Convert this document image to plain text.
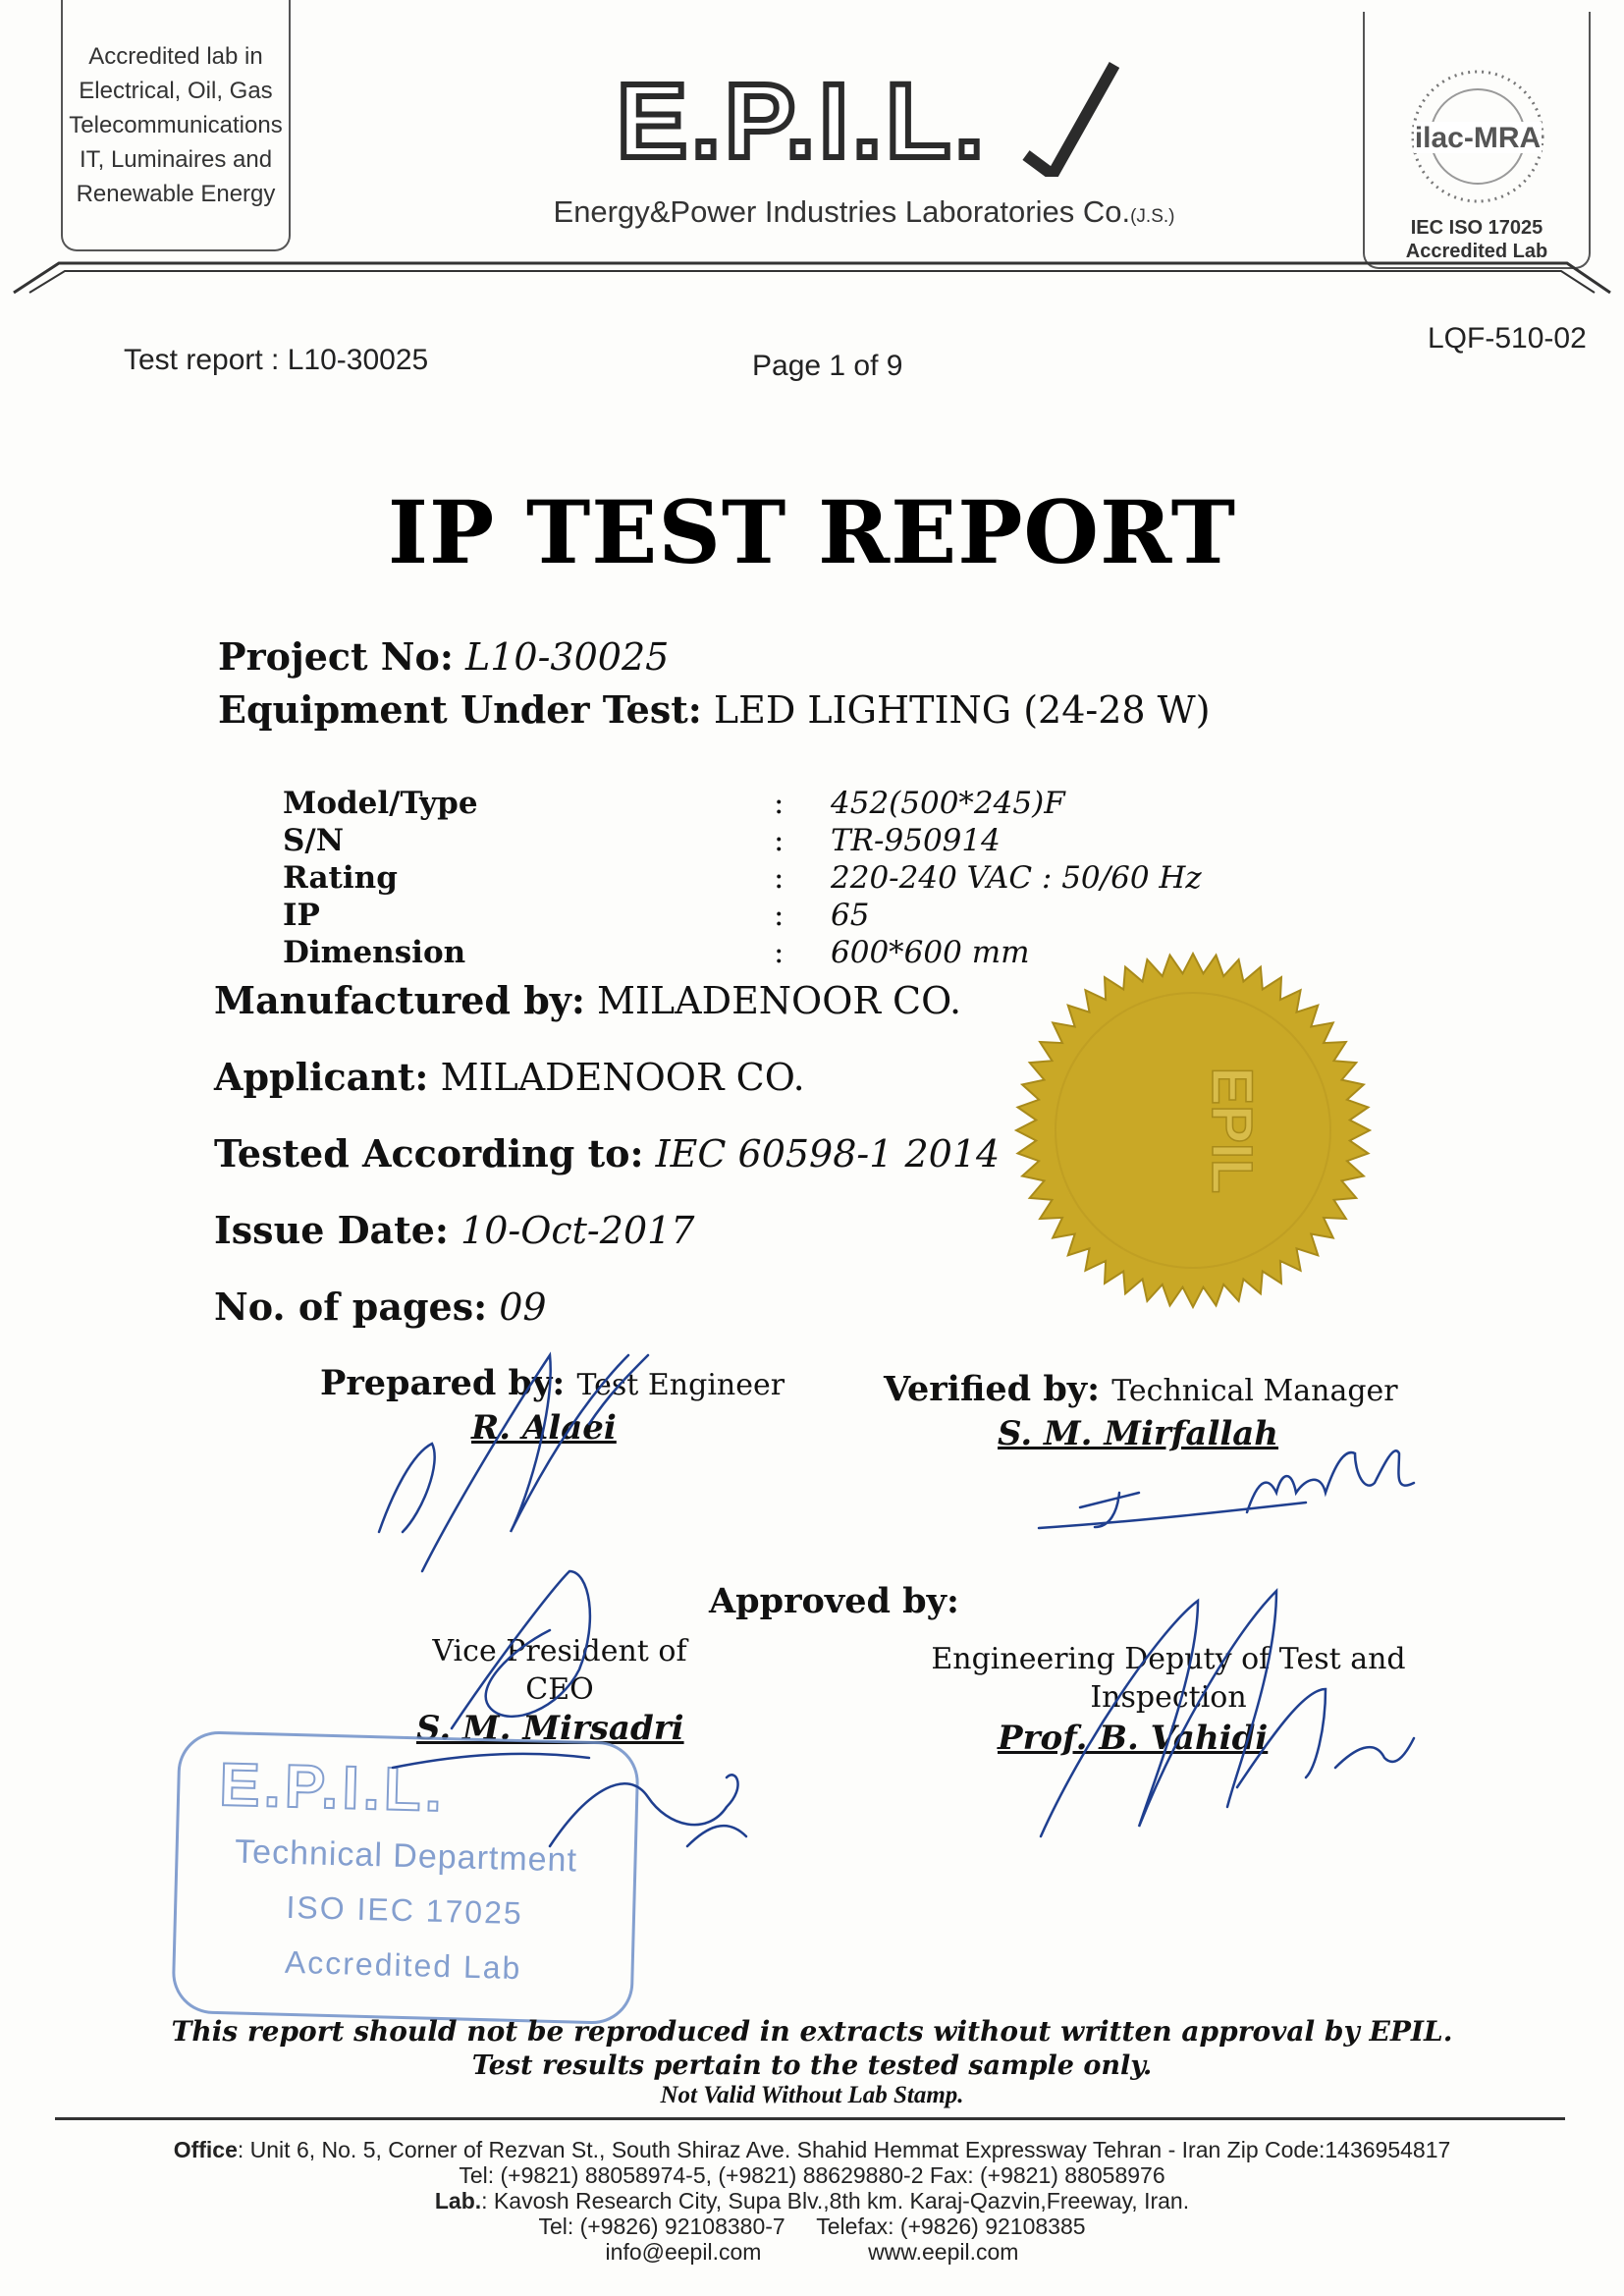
Accredited lab in
Electrical, Oil, Gas
Telecommunications
IT, Luminaires and
Renewable Energy
E.P.I.L.
Energy&Power Industries Laboratories Co.(J.S.)
ilac-MRA
IEC ISO 17025
Accredited Lab
Test report : L10-30025	Page 1 of 9
LQF-510-02
IP TEST REPORT
Project No: L10-30025
Equipment Under Test: LED LIGHTING (24-28 W)
Model/Type	: 452(500*245)F
S/N	: TR-950914
Rating	: 220-240 VAC : 50/60 Hz
IP	: 65
Dimension	: 600*600 mm
Manufactured by: MILADENOOR CO.
Applicant: MILADENOOR CO.
Tested According to: IEC 60598-1 2014
Issue Date: 10-Oct-2017
No. of pages: 09
EPIL
Prepared by: Test Engineer
R. Alaei
Verified by: Technical Manager
S. M. Mirfallah
Approved by:
Vice President of
CEO
S. M. Mirsadri
Engineering Deputy of Test and
Inspection
Prof. B. Vahidi
E.P.I.L.
Technical Department
ISO IEC 17025
Accredited Lab
This report should not be reproduced in extracts without written approval by EPIL.
Test results pertain to the tested sample only.
Not Valid Without Lab Stamp.
Office: Unit 6, No. 5, Corner of Rezvan St., South Shiraz Ave. Shahid Hemmat Expressway Tehran - Iran Zip Code:1436954817
Tel: (+9821) 88058974-5, (+9821) 88629880-2 Fax: (+9821) 88058976
Lab.: Kavosh Research City, Supa Blv.,8th km. Karaj-Qazvin,Freeway, Iran.
Tel: (+9826) 92108380-7 Telefax: (+9826) 92108385
info@eepil.com	www.eepil.com
